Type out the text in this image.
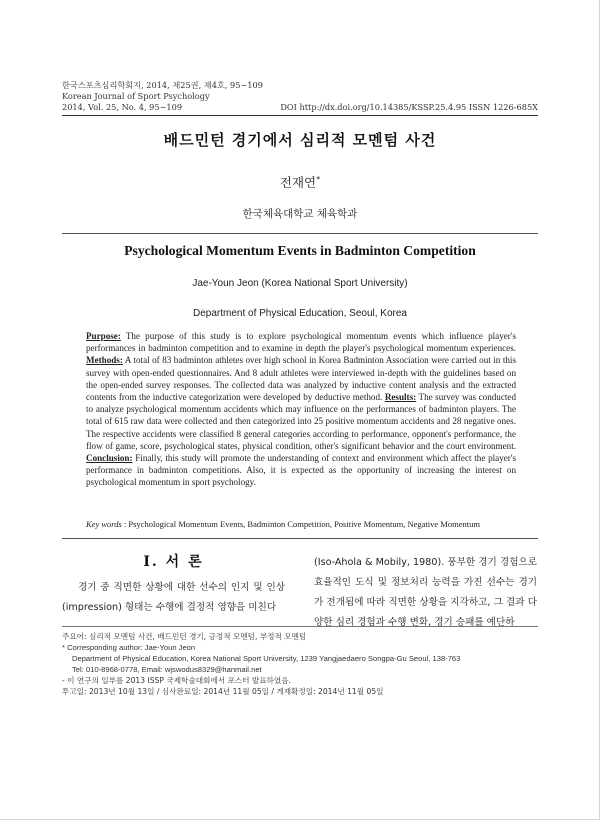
한국스포츠심리학회지, 2014, 제25권, 제4호, 95~109
Korean Journal of Sport Psychology
2014, Vol. 25, No. 4, 95~109	DOI http://dx.doi.org/10.14385/KSSP.25.4.95 ISSN 1226-685X
배드민턴 경기에서 심리적 모멘텀 사건
전재연*
한국체육대학교 체육학과
Psychological Momentum Events in Badminton Competition
Jae-Youn Jeon (Korea National Sport University)
Department of Physical Education, Seoul, Korea
Purpose: The purpose of this study is to explore psychological momentum events which influence player's performances in badminton competition and to examine in depth the player's psychological momentum experiences. Methods: A total of 83 badminton athletes over high school in Korea Badminton Association were carried out in this survey with open-ended questionnaires. And 8 adult athletes were interviewed in-depth with the guidelines based on the open-ended survey responses. The collected data was analyzed by inductive content analysis and the extracted contents from the inductive categorization were developed by deductive method. Results: The survey was conducted to analyze psychological momentum accidents which may influence on the performances of badminton players. The total of 615 raw data were collected and then categorized into 25 positive momentum accidents and 28 negative ones. The respective accidents were classified 8 general categories according to performance, opponent's performance, the flow of game, score, psychological states, physical condition, other's significant behavior and the court environment. Conclusion: Finally, this study will promote the understanding of context and environment which affect the player's performance in badminton competitions. Also, it is expected as the opportunity of increasing the interest on psychological momentum in sport psychology.
Key words : Psychological Momentum Events, Badminton Competition, Positive Momentum, Negative Momentum
I. 서 론
경기 중 직면한 상황에 대한 선수의 인지 및 인상(impression) 형태는 수행에 결정적 영향을 미친다
(Iso-Ahola & Mobily, 1980). 풍부한 경기 경험으로 효율적인 도식 및 정보처리 능력을 가진 선수는 경기가 전개됨에 따라 직면한 상황을 지각하고, 그 결과 다양한 심리 경험과 수행 변화, 경기 승패를 예단하
주요어: 심리적 모멘텀 사건, 배드민턴 경기, 긍정적 모멘텀, 부정적 모멘텀
* Corresponding author: Jae-Youn Jeon
Department of Physical Education, Korea National Sport University, 1239 Yangjaedaero Songpa-Gu Seoul, 138-763
Tel: 010-8968-0778, Email: wjswodus8329@hanmail.net
- 이 연구의 일부를 2013 ISSP 국제학술대회에서 포스터 발표하였음.
투고일: 2013년 10월 13일 / 심사완료일: 2014년 11월 05일 / 게재확정일: 2014년 11월 05일
